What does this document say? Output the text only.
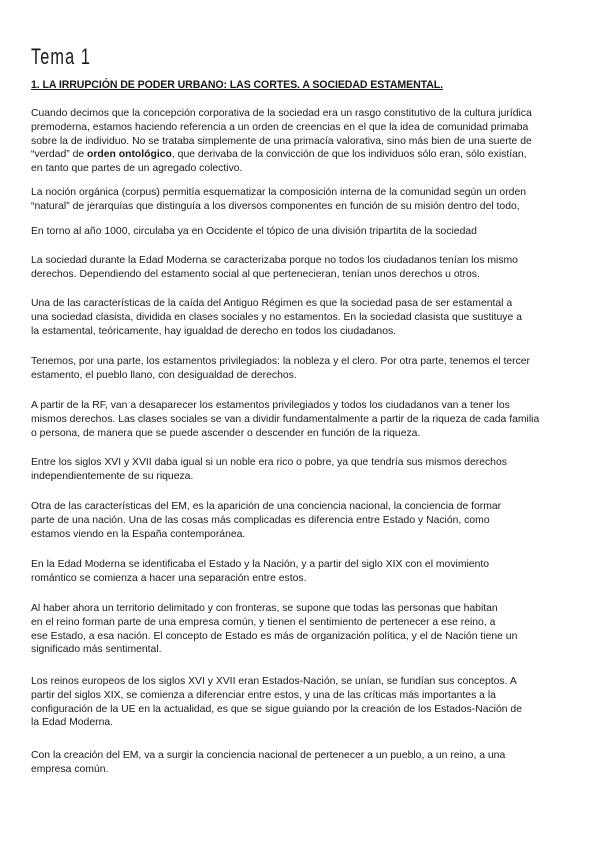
Tema 1
1. LA IRRUPCIÓN DE PODER URBANO: LAS CORTES. A SOCIEDAD ESTAMENTAL.

Cuando decimos que la concepción corporativa de la sociedad era un rasgo constitutivo de la cultura jurídica
premoderna, estamos haciendo referencia a un orden de creencias en el que la idea de comunidad primaba
sobre la de individuo. No se trataba simplemente de una primacía valorativa, sino más bien de una suerte de
“verdad” de orden ontológico, que derivaba de la convicción de que los individuos sólo eran, sólo existían,
en tanto que partes de un agregado colectivo.

La noción orgánica (corpus) permitía esquematizar la composición interna de la comunidad según un orden
“natural” de jerarquías que distinguía a los diversos componentes en función de su misión dentro del todo,

En torno al año 1000, circulaba ya en Occidente el tópico de una división tripartita de la sociedad

La sociedad durante la Edad Moderna se caracterizaba porque no todos los ciudadanos tenían los mismo
derechos. Dependiendo del estamento social al que pertenecieran, tenían unos derechos u otros.

Una de las características de la caída del Antiguo Régimen es que la sociedad pasa de ser estamental a
una sociedad clasista, dividida en clases sociales y no estamentos. En la sociedad clasista que sustituye a
la estamental, teóricamente, hay igualdad de derecho en todos los ciudadanos.

Tenemos, por una parte, los estamentos privilegiados: la nobleza y el clero. Por otra parte, tenemos el tercer
estamento, el pueblo llano, con desigualdad de derechos.

A partir de la RF, van a desaparecer los estamentos privilegiados y todos los ciudadanos van a tener los
mismos derechos. Las clases sociales se van a dividir fundamentalmente a partir de la riqueza de cada familia
o persona, de manera que se puede ascender o descender en función de la riqueza.

Entre los siglos XVI y XVII daba igual si un noble era rico o pobre, ya que tendría sus mismos derechos
independientemente de su riqueza.

Otra de las características del EM, es la aparición de una conciencia nacional, la conciencia de formar
parte de una nación. Una de las cosas más complicadas es diferencia entre Estado y Nación, como
estamos viendo en la España contemporánea.

En la Edad Moderna se identificaba el Estado y la Nación, y a partir del siglo XIX con el movimiento
romántico se comienza a hacer una separación entre estos.

Al haber ahora un territorio delimitado y con fronteras, se supone que todas las personas que habitan
en el reino forman parte de una empresa común, y tienen el sentimiento de pertenecer a ese reino, a
ese Estado, a esa nación. El concepto de Estado es más de organización política, y el de Nación tiene un
significado más sentimental.

Los reinos europeos de los siglos XVI y XVII eran Estados-Nación, se unían, se fundían sus conceptos. A
partir del siglos XIX, se comienza a diferenciar entre estos, y una de las críticas más importantes a la
configuración de la UE en la actualidad, es que se sigue guiando por la creación de los Estados-Nación de
la Edad Moderna.

Con la creación del EM, va a surgir la conciencia nacional de pertenecer a un pueblo, a un reino, a una
empresa común.
